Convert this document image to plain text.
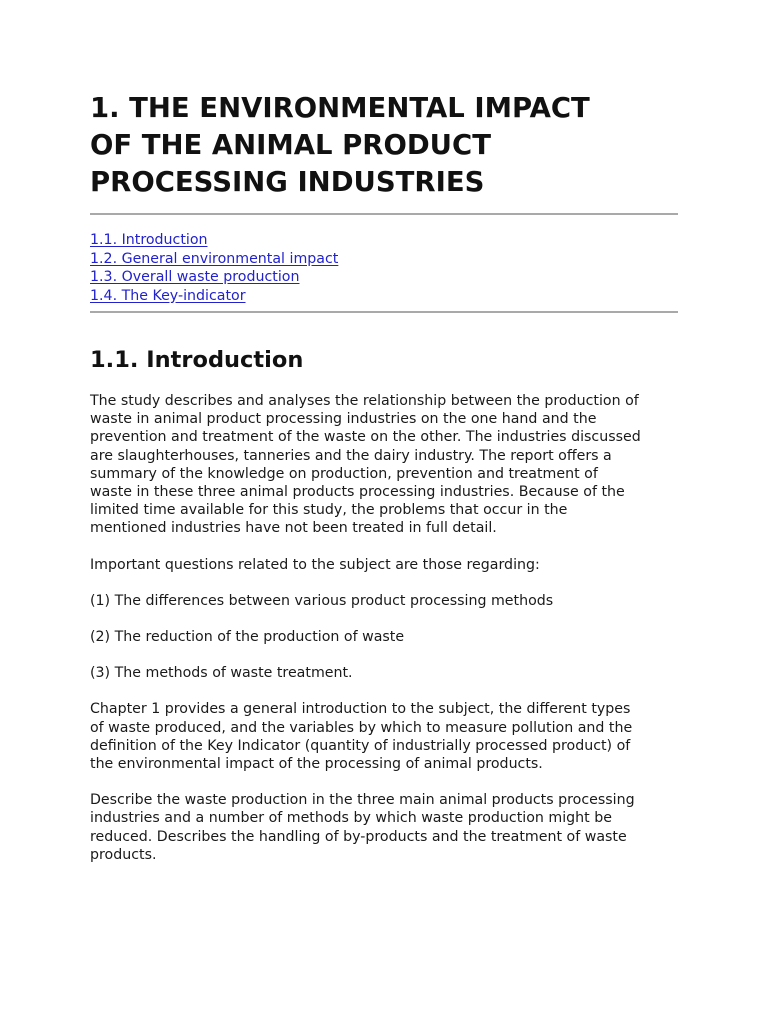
1. THE ENVIRONMENTAL IMPACT
OF THE ANIMAL PRODUCT
PROCESSING INDUSTRIES
1.1. Introduction
1.2. General environmental impact
1.3. Overall waste production
1.4. The Key-indicator
1.1. Introduction

The study describes and analyses the relationship between the production of
waste in animal product processing industries on the one hand and the
prevention and treatment of the waste on the other. The industries discussed
are slaughterhouses, tanneries and the dairy industry. The report offers a
summary of the knowledge on production, prevention and treatment of
waste in these three animal products processing industries. Because of the
limited time available for this study, the problems that occur in the
mentioned industries have not been treated in full detail.

Important questions related to the subject are those regarding:

(1) The differences between various product processing methods

(2) The reduction of the production of waste

(3) The methods of waste treatment.

Chapter 1 provides a general introduction to the subject, the different types
of waste produced, and the variables by which to measure pollution and the
definition of the Key Indicator (quantity of industrially processed product) of
the environmental impact of the processing of animal products.

Describe the waste production in the three main animal products processing
industries and a number of methods by which waste production might be
reduced. Describes the handling of by-products and the treatment of waste
products.
